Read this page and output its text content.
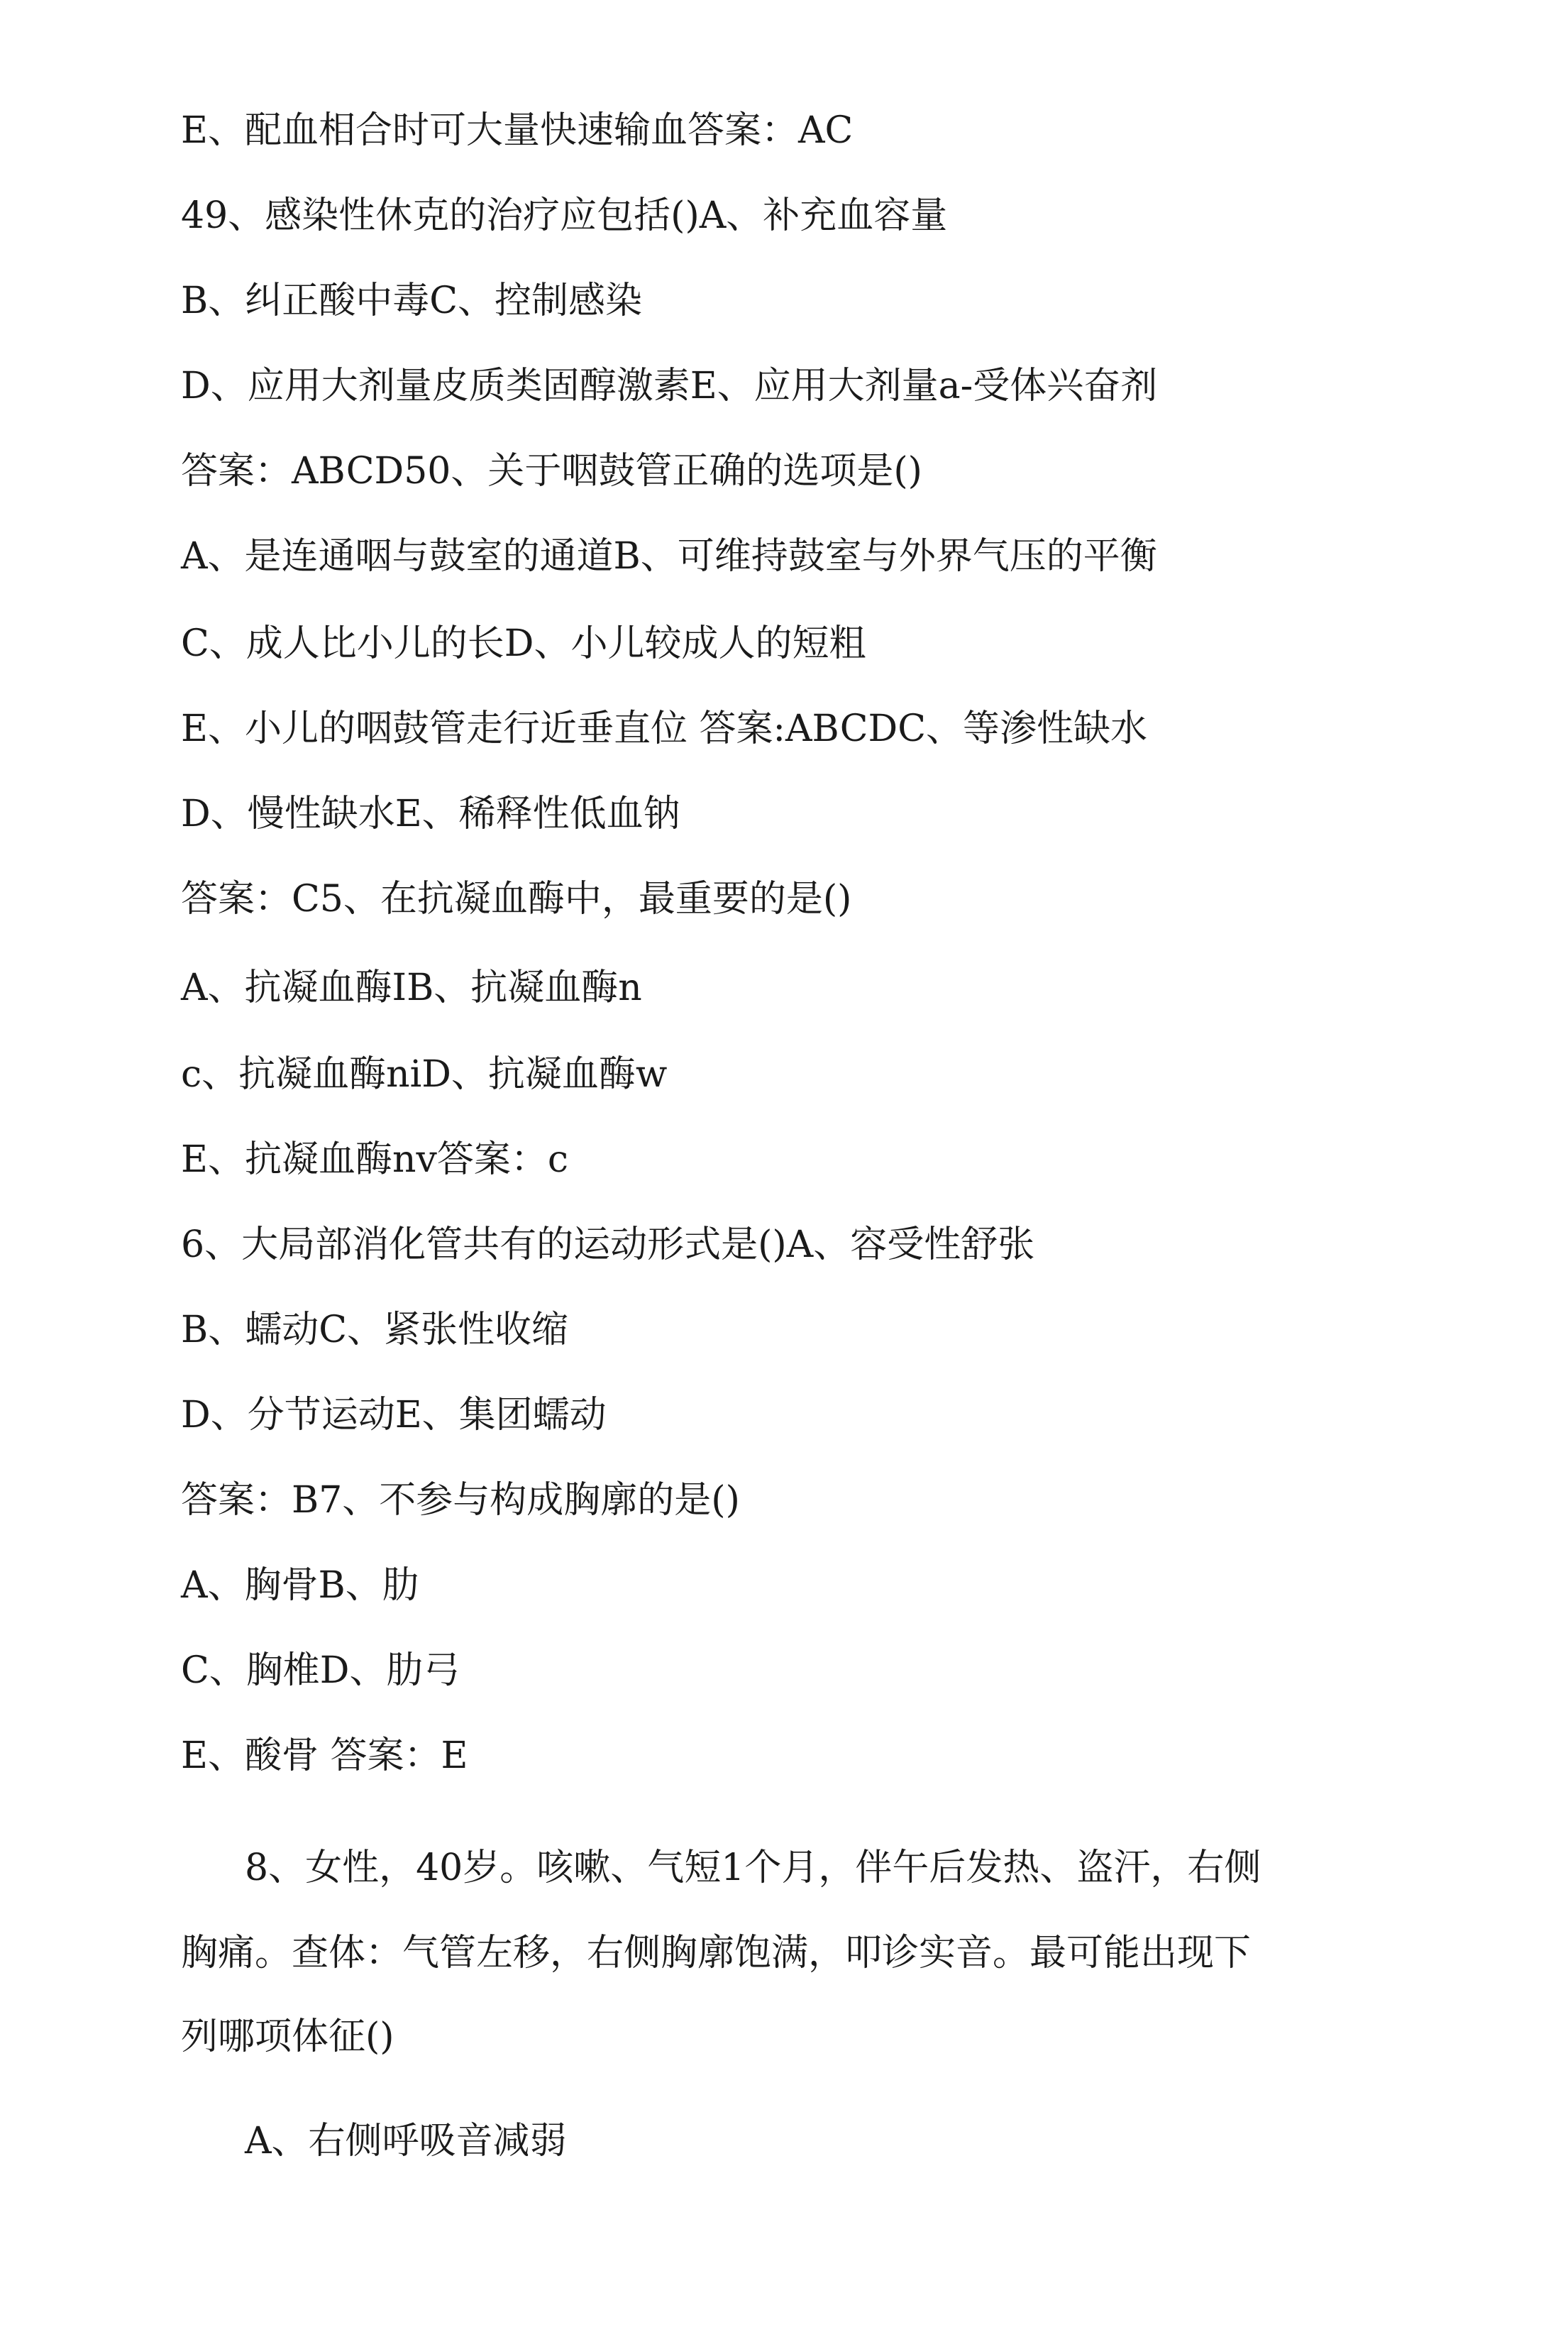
E、配血相合时可大量快速输血答案：AC
49、感染性休克的治疗应包括()A、补充血容量
B、纠正酸中毒C、控制感染
D、应用大剂量皮质类固醇激素E、应用大剂量a-受体兴奋剂
答案：ABCD50、关于咽鼓管正确的选项是()
A、是连通咽与鼓室的通道B、可维持鼓室与外界气压的平衡
C、成人比小儿的长D、小儿较成人的短粗
E、小儿的咽鼓管走行近垂直位 答案:ABCDC、等渗性缺水
D、慢性缺水E、稀释性低血钠
答案：C5、在抗凝血酶中，最重要的是()
A、抗凝血酶IB、抗凝血酶n
c、抗凝血酶niD、抗凝血酶w
E、抗凝血酶nv答案：c
6、大局部消化管共有的运动形式是()A、容受性舒张
B、蠕动C、紧张性收缩
D、分节运动E、集团蠕动
答案：B7、不参与构成胸廓的是()
A、胸骨B、肋
C、胸椎D、肋弓
E、酸骨 答案：E
8、女性，40岁。咳嗽、气短1个月，伴午后发热、盗汗，右侧
胸痛。查体：气管左移，右侧胸廓饱满，叩诊实音。最可能出现下
列哪项体征()
A、右侧呼吸音减弱
